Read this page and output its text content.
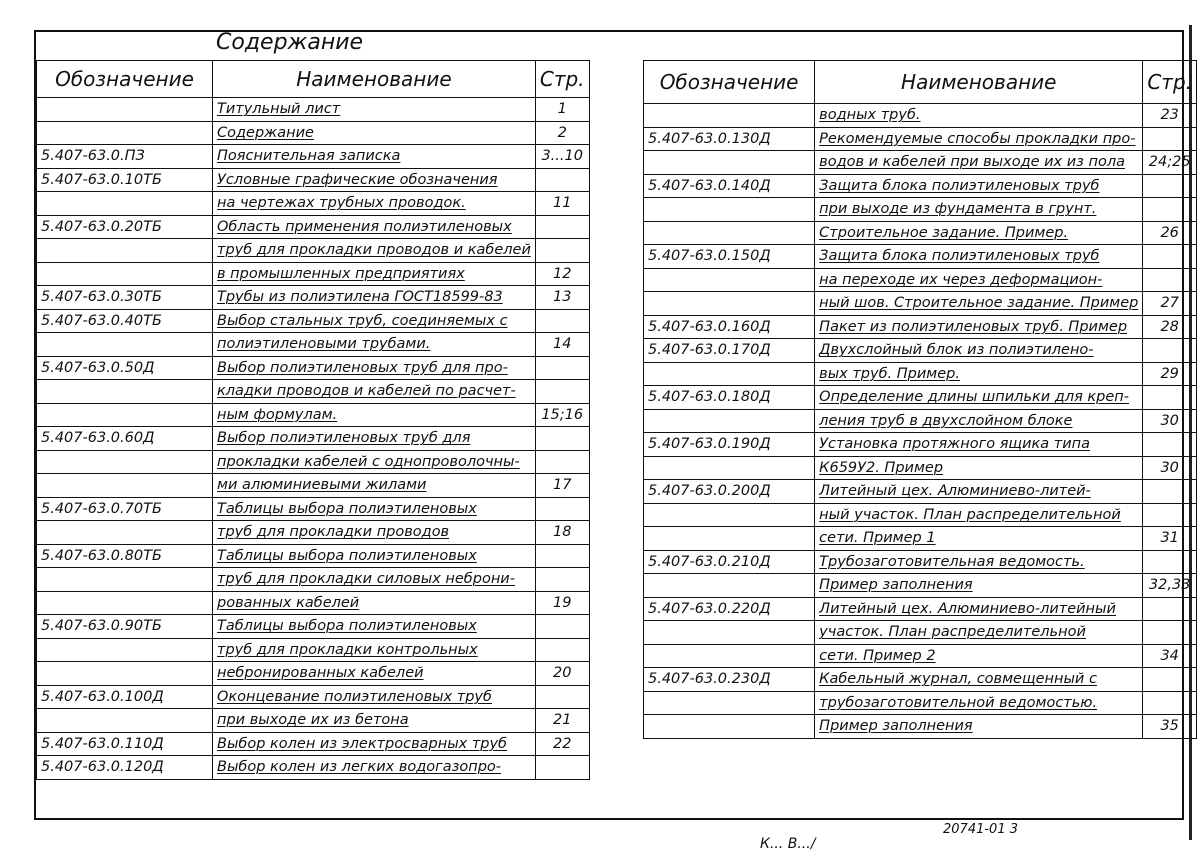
Содержание
Обозначение	Наименование	Стр.
	Титульный лист	1
	Содержание	2
5.407-63.0.ПЗ	Пояснительная записка	3...10
5.407-63.0.10ТБ	Условные графические обозначения	
	на чертежах трубных проводок.	11
5.407-63.0.20ТБ	Область применения полиэтиленовых	
	труб для прокладки проводов и кабелей	
	в промышленных предприятиях	12
5.407-63.0.30ТБ	Трубы из полиэтилена ГОСТ18599-83	13
5.407-63.0.40ТБ	Выбор стальных труб, соединяемых с	
	полиэтиленовыми трубами.	14
5.407-63.0.50Д	Выбор полиэтиленовых труб для про-	
	кладки проводов и кабелей по расчет-	
	ным формулам.	15;16
5.407-63.0.60Д	Выбор полиэтиленовых труб для	
	прокладки кабелей с однопроволочны-	
	ми алюминиевыми жилами	17
5.407-63.0.70ТБ	Таблицы выбора полиэтиленовых	
	труб для прокладки проводов	18
5.407-63.0.80ТБ	Таблицы выбора полиэтиленовых	
	труб для прокладки силовых неброни-	
	рованных кабелей	19
5.407-63.0.90ТБ	Таблицы выбора полиэтиленовых	
	труб для прокладки контрольных	
	небронированных кабелей	20
5.407-63.0.100Д	Оконцевание полиэтиленовых труб	
	при выходе их из бетона	21
5.407-63.0.110Д	Выбор колен из электросварных труб	22
5.407-63.0.120Д	Выбор колен из легких водогазопро-	
Обозначение	Наименование	Стр.
	водных труб.	23
5.407-63.0.130Д	Рекомендуемые способы прокладки про-	
	водов и кабелей при выходе их из пола	24;25
5.407-63.0.140Д	Защита блока полиэтиленовых труб	
	при выходе из фундамента в грунт.	
	Строительное задание. Пример.	26
5.407-63.0.150Д	Защита блока полиэтиленовых труб	
	на переходе их через деформацион-	
	ный шов. Строительное задание. Пример	27
5.407-63.0.160Д	Пакет из полиэтиленовых труб. Пример	28
5.407-63.0.170Д	Двухслойный блок из полиэтилено-	
	вых труб. Пример.	29
5.407-63.0.180Д	Определение длины шпильки для креп-	
	ления труб в двухслойном блоке	30
5.407-63.0.190Д	Установка протяжного ящика типа	
	К659У2. Пример	30
5.407-63.0.200Д	Литейный цех. Алюминиево-литей-	
	ный участок. План распределительной	
	сети. Пример 1	31
5.407-63.0.210Д	Трубозаготовительная ведомость.	
	Пример заполнения	32,33
5.407-63.0.220Д	Литейный цех. Алюминиево-литейный	
	участок. План распределительной	
	сети. Пример 2	34
5.407-63.0.230Д	Кабельный журнал, совмещенный с	
	трубозаготовительной ведомостью.	
	Пример заполнения	35
20741-01 3
К... В.../
